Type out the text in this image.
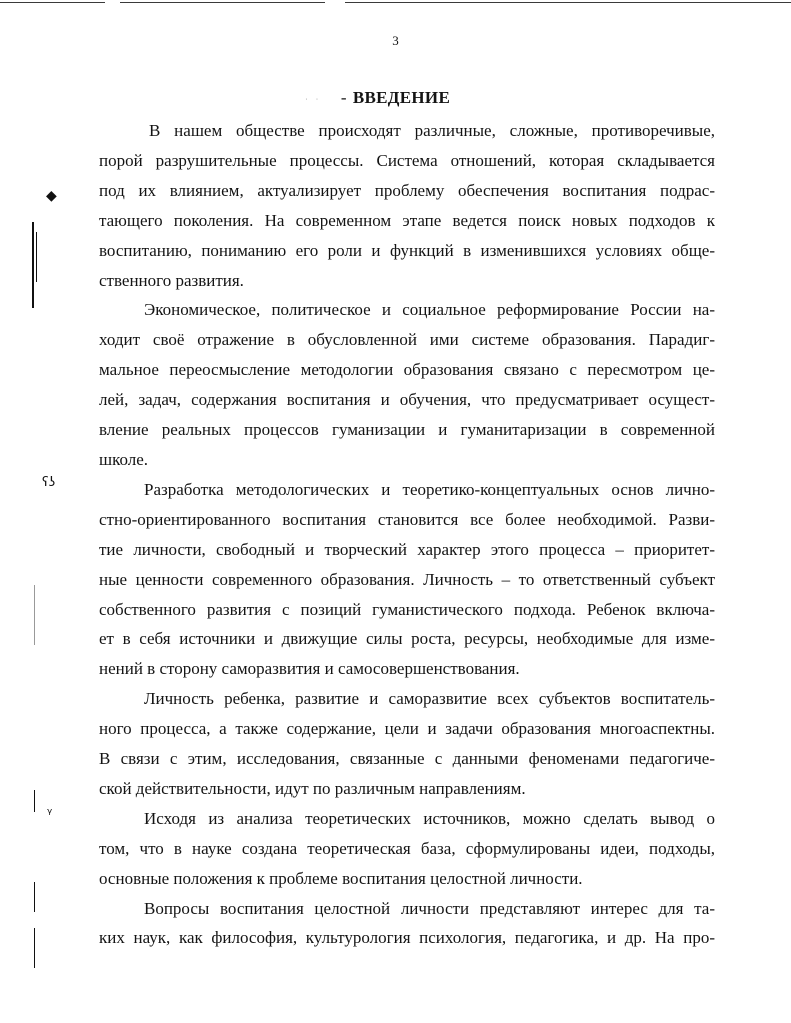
3
˙ ˙	- ВВЕДЕНИЕ
◆
ʕ͏ʖ
ᵞ
В нашем обществе происходят различные, сложные, противоречивые,
порой разрушительные процессы. Система отношений, которая складывается
под их влиянием, актуализирует проблему обеспечения воспитания подрас-
тающего поколения. На современном этапе ведется поиск новых подходов к
воспитанию, пониманию его роли и функций в изменившихся условиях обще-
ственного развития.
Экономическое, политическое и социальное реформирование России на-
ходит своё отражение в обусловленной ими системе образования. Парадиг-
мальное переосмысление методологии образования связано с пересмотром це-
лей, задач, содержания воспитания и обучения, что предусматривает осущест-
вление реальных процессов гуманизации и гуманитаризации в современной
школе.
Разработка методологических и теоретико-концептуальных основ лично-
стно-ориентированного воспитания становится все более необходимой. Разви-
тие личности, свободный и творческий характер этого процесса – приоритет-
ные ценности современного образования. Личность – то ответственный субъект
собственного развития с позиций гуманистического подхода. Ребенок включа-
ет в себя источники и движущие силы роста, ресурсы, необходимые для изме-
нений в сторону саморазвития и самосовершенствования.
Личность ребенка, развитие и саморазвитие всех субъектов воспитатель-
ного процесса, а также содержание, цели и задачи образования многоаспектны.
В связи с этим, исследования, связанные с данными феноменами педагогиче-
ской действительности, идут по различным направлениям.
Исходя из анализа теоретических источников, можно сделать вывод о
том, что в науке создана теоретическая база, сформулированы идеи, подходы,
основные положения к проблеме воспитания целостной личности.
Вопросы воспитания целостной личности представляют интерес для та-
ких наук, как философия, культурология психология, педагогика, и др. На про-
